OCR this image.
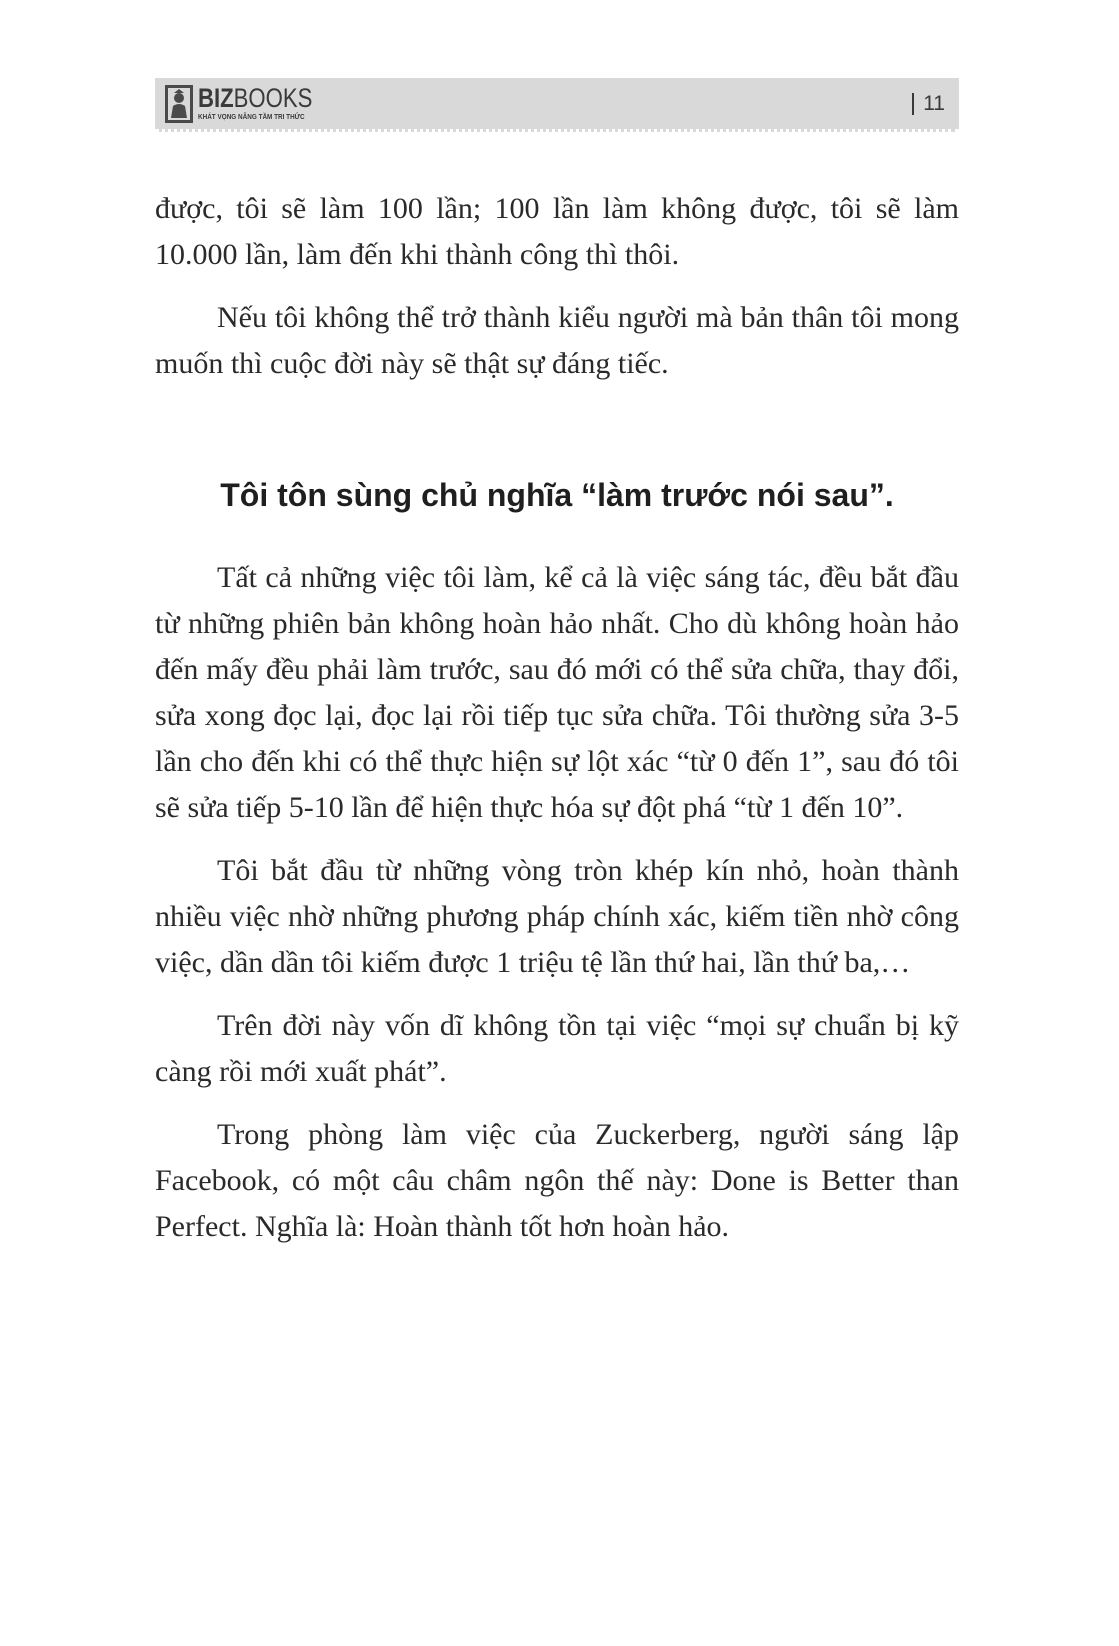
BIZBOOKS
KHÁT VỌNG NÂNG TẦM TRI THỨC
11

được, tôi sẽ làm 100 lần; 100 lần làm không được, tôi sẽ làm 10.000 lần, làm đến khi thành công thì thôi.

Nếu tôi không thể trở thành kiểu người mà bản thân tôi mong muốn thì cuộc đời này sẽ thật sự đáng tiếc.

Tôi tôn sùng chủ nghĩa “làm trước nói sau”.

Tất cả những việc tôi làm, kể cả là việc sáng tác, đều bắt đầu từ những phiên bản không hoàn hảo nhất. Cho dù không hoàn hảo đến mấy đều phải làm trước, sau đó mới có thể sửa chữa, thay đổi, sửa xong đọc lại, đọc lại rồi tiếp tục sửa chữa. Tôi thường sửa 3-5 lần cho đến khi có thể thực hiện sự lột xác “từ 0 đến 1”, sau đó tôi sẽ sửa tiếp 5-10 lần để hiện thực hóa sự đột phá “từ 1 đến 10”.

Tôi bắt đầu từ những vòng tròn khép kín nhỏ, hoàn thành nhiều việc nhờ những phương pháp chính xác, kiếm tiền nhờ công việc, dần dần tôi kiếm được 1 triệu tệ lần thứ hai, lần thứ ba,…

Trên đời này vốn dĩ không tồn tại việc “mọi sự chuẩn bị kỹ càng rồi mới xuất phát”.

Trong phòng làm việc của Zuckerberg, người sáng lập Facebook, có một câu châm ngôn thế này: Done is Better than Perfect. Nghĩa là: Hoàn thành tốt hơn hoàn hảo.
